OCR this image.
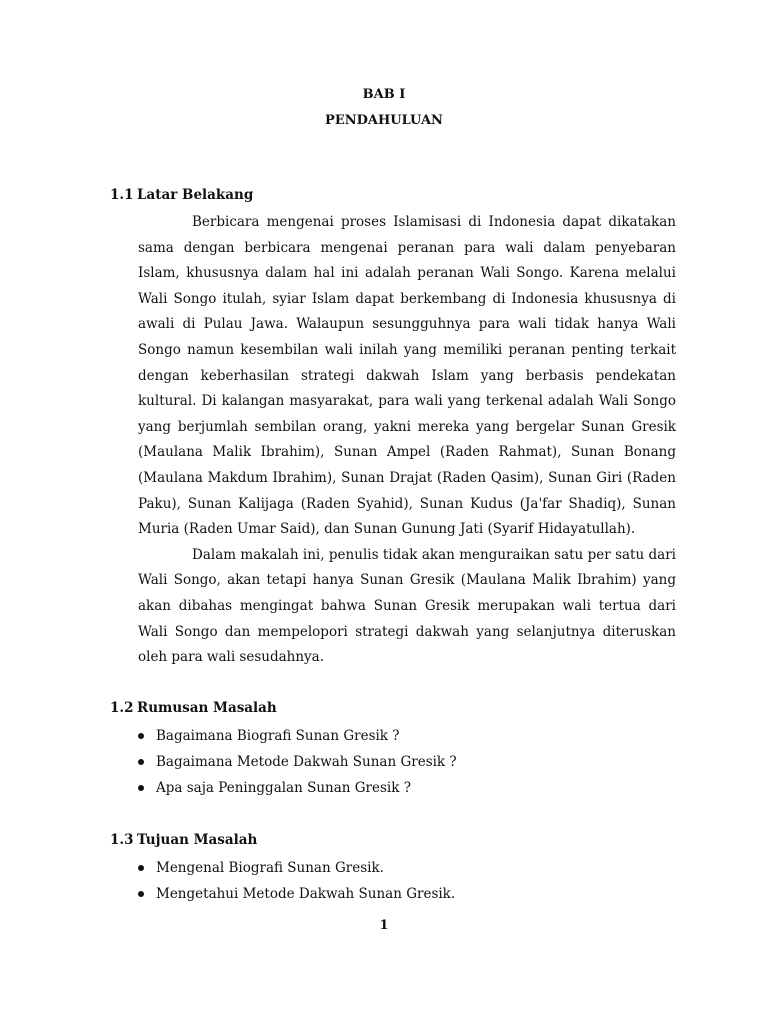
BAB I
PENDAHULUAN
1.1 Latar Belakang

Berbicara mengenai proses Islamisasi di Indonesia dapat dikatakan sama dengan berbicara mengenai peranan para wali dalam penyebaran Islam, khususnya dalam hal ini adalah peranan Wali Songo. Karena melalui Wali Songo itulah, syiar Islam dapat berkembang di Indonesia khususnya di awali di Pulau Jawa. Walaupun sesungguhnya para wali tidak hanya Wali Songo namun kesembilan wali inilah yang memiliki peranan penting terkait dengan keberhasilan strategi dakwah Islam yang berbasis pendekatan kultural. Di kalangan masyarakat, para wali yang terkenal adalah Wali Songo yang berjumlah sembilan orang, yakni mereka yang bergelar Sunan Gresik (Maulana Malik Ibrahim), Sunan Ampel (Raden Rahmat), Sunan Bonang (Maulana Makdum Ibrahim), Sunan Drajat (Raden Qasim), Sunan Giri (Raden Paku), Sunan Kalijaga (Raden Syahid), Sunan Kudus (Ja'far Shadiq), Sunan Muria (Raden Umar Said), dan Sunan Gunung Jati (Syarif Hidayatullah).

Dalam makalah ini, penulis tidak akan menguraikan satu per satu dari Wali Songo, akan tetapi hanya Sunan Gresik (Maulana Malik Ibrahim) yang akan dibahas mengingat bahwa Sunan Gresik merupakan wali tertua dari Wali Songo dan mempelopori strategi dakwah yang selanjutnya diteruskan oleh para wali sesudahnya.

1.2 Rumusan Masalah
Bagaimana Biografi Sunan Gresik ?
Bagaimana Metode Dakwah Sunan Gresik ?
Apa saja Peninggalan Sunan Gresik ?
1.3 Tujuan Masalah
Mengenal Biografi Sunan Gresik.
Mengetahui Metode Dakwah Sunan Gresik.
1
